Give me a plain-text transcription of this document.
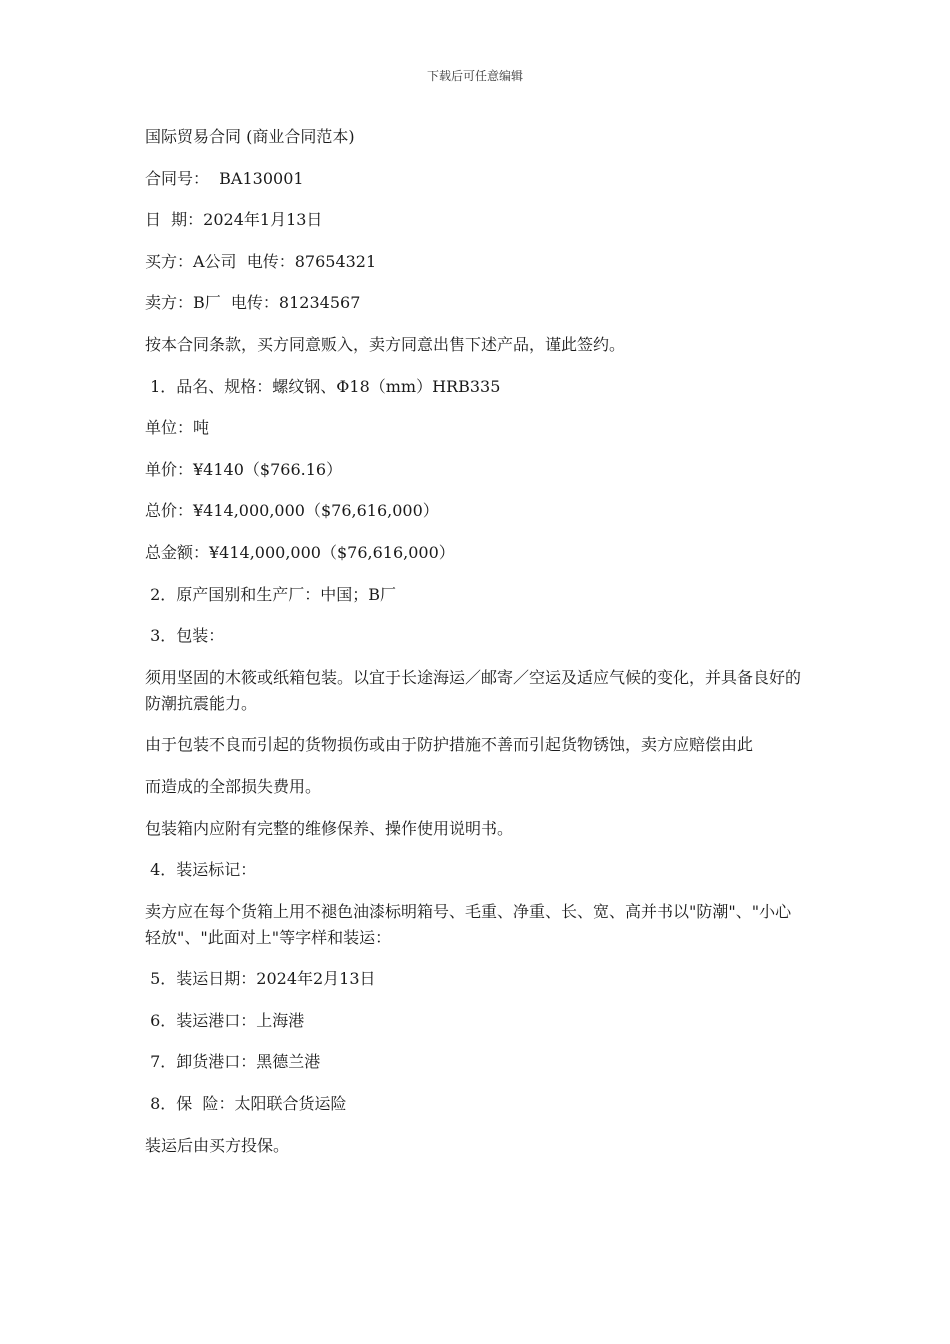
下载后可任意编辑

国际贸易合同 (商业合同范本)

合同号：  BA130001

日  期：2024年1月13日

买方：A公司  电传：87654321

卖方：B厂  电传：81234567

按本合同条款，买方同意贩入，卖方同意出售下述产品，谨此签约。

1．品名、规格：螺纹钢、Φ18（mm）HRB335

单位：吨

单价：¥4140（$766.16）

总价：¥414,000,000（$76,616,000）

总金额：¥414,000,000（$76,616,000）

2．原产国别和生产厂：中国；B厂

3．包装：

须用坚固的木筱或纸箱包装。以宜于长途海运／邮寄／空运及适应气候的变化，并具备良好的防潮抗震能力。

由于包装不良而引起的货物损伤或由于防护措施不善而引起货物锈蚀，卖方应赔偿由此

而造成的全部损失费用。

包装箱内应附有完整的维修保养、操作使用说明书。

4．装运标记：

卖方应在每个货箱上用不褪色油漆标明箱号、毛重、净重、长、宽、高并书以"防潮"、"小心轻放"、"此面对上"等字样和装运：

5．装运日期：2024年2月13日

6．装运港口：上海港

7．卸货港口：黑德兰港

8．保  险：太阳联合货运险

装运后由买方投保。
